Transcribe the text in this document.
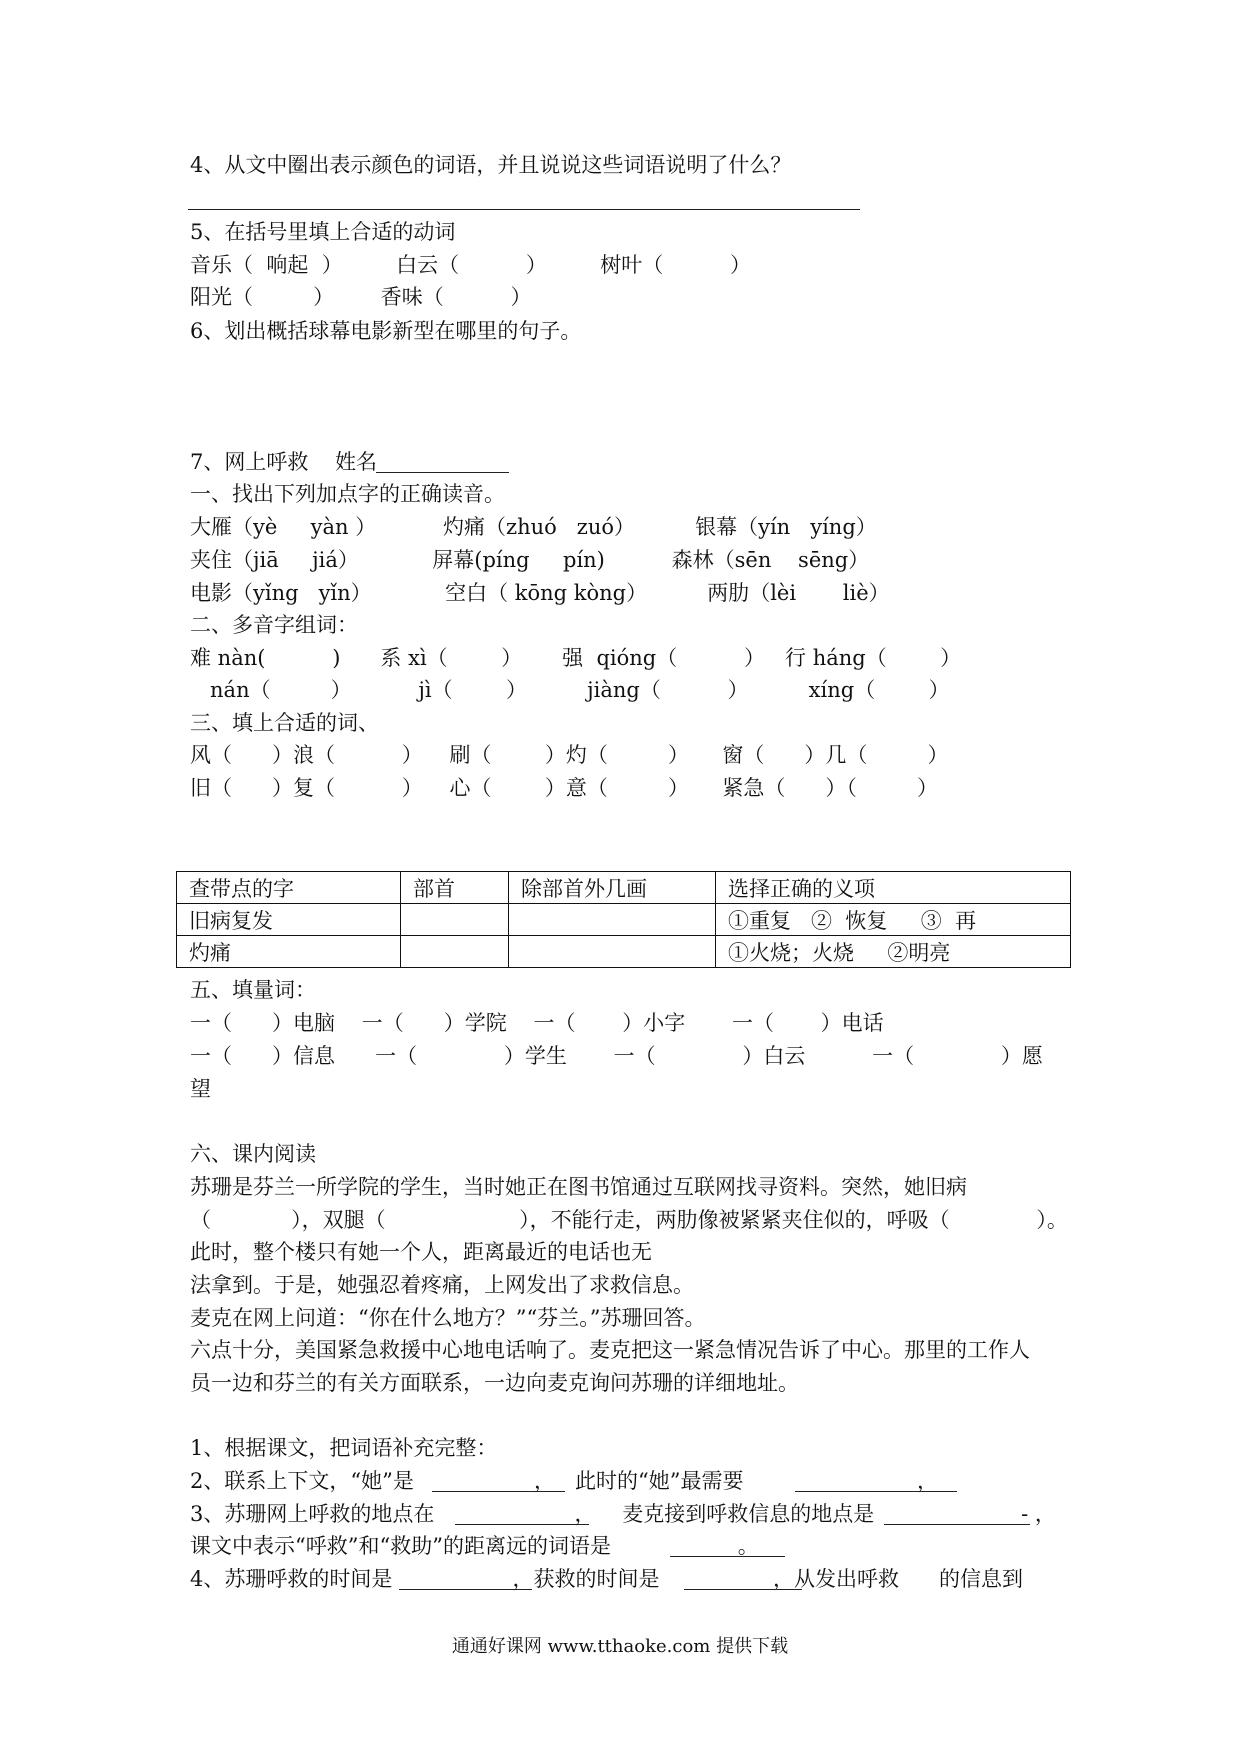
4、从文中圈出表示颜色的词语，并且说说这些词语说明了什么？
5、在括号里填上合适的动词
音乐（  响起  ）        白云（          ）        树叶（          ）
阳光（         ）       香味（          ）
6、划出概括球幕电影新型在哪里的句子。
7、网上呼救    姓名
一、找出下列加点字的正确读音。
大雁（yè     yàn ）          灼痛（zhuó   zuó）         银幕（yín   yíng）
夹住（jiā     jiá）           屏幕(píng     pín)          森林（sēn    sēng）
电影（yǐng   yǐn）           空白（ kōng kòng）         两肋（lèi       liè）
二、多音字组词：
难 nàn(          )      系 xì（        ）      强  qióng（          ）   行 háng（        ）
nán（         ）          jì（        ）         jiàng（          ）         xíng（        ）
三、填上合适的词、
风（      ）浪（          ）    刷（        ）灼（         ）     窗（      ）几（         ）
旧（      ）复（          ）    心（        ）意（         ）     紧急（      ）（         ）
查带点的字	部首	除部首外几画	选择正确的义项
旧病复发			①重复   ②  恢复     ③  再
灼痛			①火烧；火烧     ②明亮
五、填量词：
一（      ）电脑    一（      ）学院    一（       ）小字       一（       ）电话
一（      ）信息      一（             ）学生       一（             ）白云          一（             ）愿
望
六、课内阅读
苏珊是芬兰一所学院的学生，当时她正在图书馆通过互联网找寻资料。突然，她旧病
（            ），双腿（                    ），不能行走，两肋像被紧紧夹住似的，呼吸（             ）。
此时，整个楼只有她一个人，距离最近的电话也无
法拿到。于是，她强忍着疼痛，上网发出了求救信息。
麦克在网上问道：“你在什么地方？”“芬兰。”苏珊回答。
六点十分，美国紧急救援中心地电话响了。麦克把这一紧急情况告诉了中心。那里的工作人
员一边和芬兰的有关方面联系，一边向麦克询问苏珊的详细地址。
1、根据课文，把词语补充完整：
2、联系上下文，“她”是                  ，   此时的“她”最需要                          ，
3、苏珊网上呼救的地点在                     ，    麦克接到呼救信息的地点是                      - ，
课文中表示“呼救”和“救助”的距离远的词语是                   。
4、苏珊呼救的时间是                  ，获救的时间是                 ，从发出呼救      的信息到
通通好课网 www.tthaoke.com 提供下载
